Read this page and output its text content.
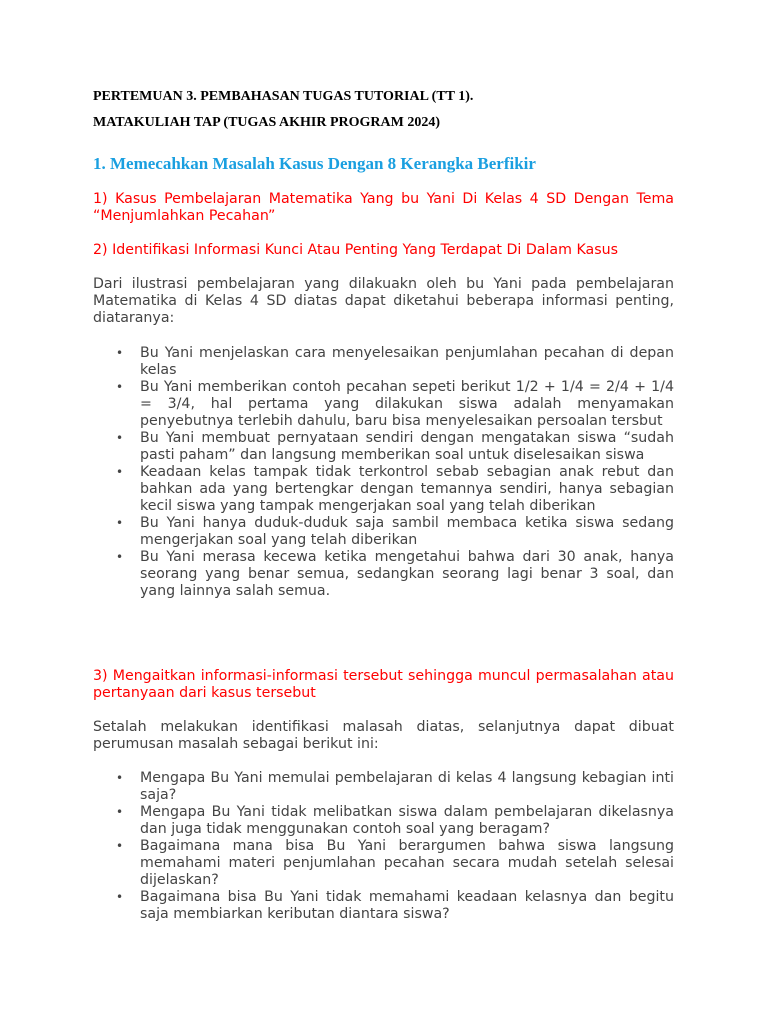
PERTEMUAN 3. PEMBAHASAN TUGAS TUTORIAL (TT 1).

MATAKULIAH TAP (TUGAS AKHIR PROGRAM 2024)

1. Memecahkan Masalah Kasus Dengan 8 Kerangka Berfikir

1) Kasus Pembelajaran Matematika Yang bu Yani Di Kelas 4 SD Dengan Tema “Menjumlahkan Pecahan”

2) Identifikasi Informasi Kunci Atau Penting Yang Terdapat Di Dalam Kasus

Dari ilustrasi pembelajaran yang dilakuakn oleh bu Yani pada pembelajaran Matematika di Kelas 4 SD diatas dapat diketahui beberapa informasi penting, diataranya:

• Bu Yani menjelaskan cara menyelesaikan penjumlahan pecahan di depan kelas
• Bu Yani memberikan contoh pecahan sepeti berikut 1/2 + 1/4 = 2/4 + 1/4 = 3/4, hal pertama yang dilakukan siswa adalah menyamakan penyebutnya terlebih dahulu, baru bisa menyelesaikan persoalan tersbut
• Bu Yani membuat pernyataan sendiri dengan mengatakan siswa “sudah pasti paham” dan langsung memberikan soal untuk diselesaikan siswa
• Keadaan kelas tampak tidak terkontrol sebab sebagian anak rebut dan bahkan ada yang bertengkar dengan temannya sendiri, hanya sebagian kecil siswa yang tampak mengerjakan soal yang telah diberikan
• Bu Yani hanya duduk-duduk saja sambil membaca ketika siswa sedang mengerjakan soal yang telah diberikan
• Bu Yani merasa kecewa ketika mengetahui bahwa dari 30 anak, hanya seorang yang benar semua, sedangkan seorang lagi benar 3 soal, dan yang lainnya salah semua.

3) Mengaitkan informasi-informasi tersebut sehingga muncul permasalahan atau pertanyaan dari kasus tersebut

Setalah melakukan identifikasi malasah diatas, selanjutnya dapat dibuat perumusan masalah sebagai berikut ini:

• Mengapa Bu Yani memulai pembelajaran di kelas 4 langsung kebagian inti saja?
• Mengapa Bu Yani tidak melibatkan siswa dalam pembelajaran dikelasnya dan juga tidak menggunakan contoh soal yang beragam?
• Bagaimana mana bisa Bu Yani berargumen bahwa siswa langsung memahami materi penjumlahan pecahan secara mudah setelah selesai dijelaskan?
• Bagaimana bisa Bu Yani tidak memahami keadaan kelasnya dan begitu saja membiarkan keributan diantara siswa?
